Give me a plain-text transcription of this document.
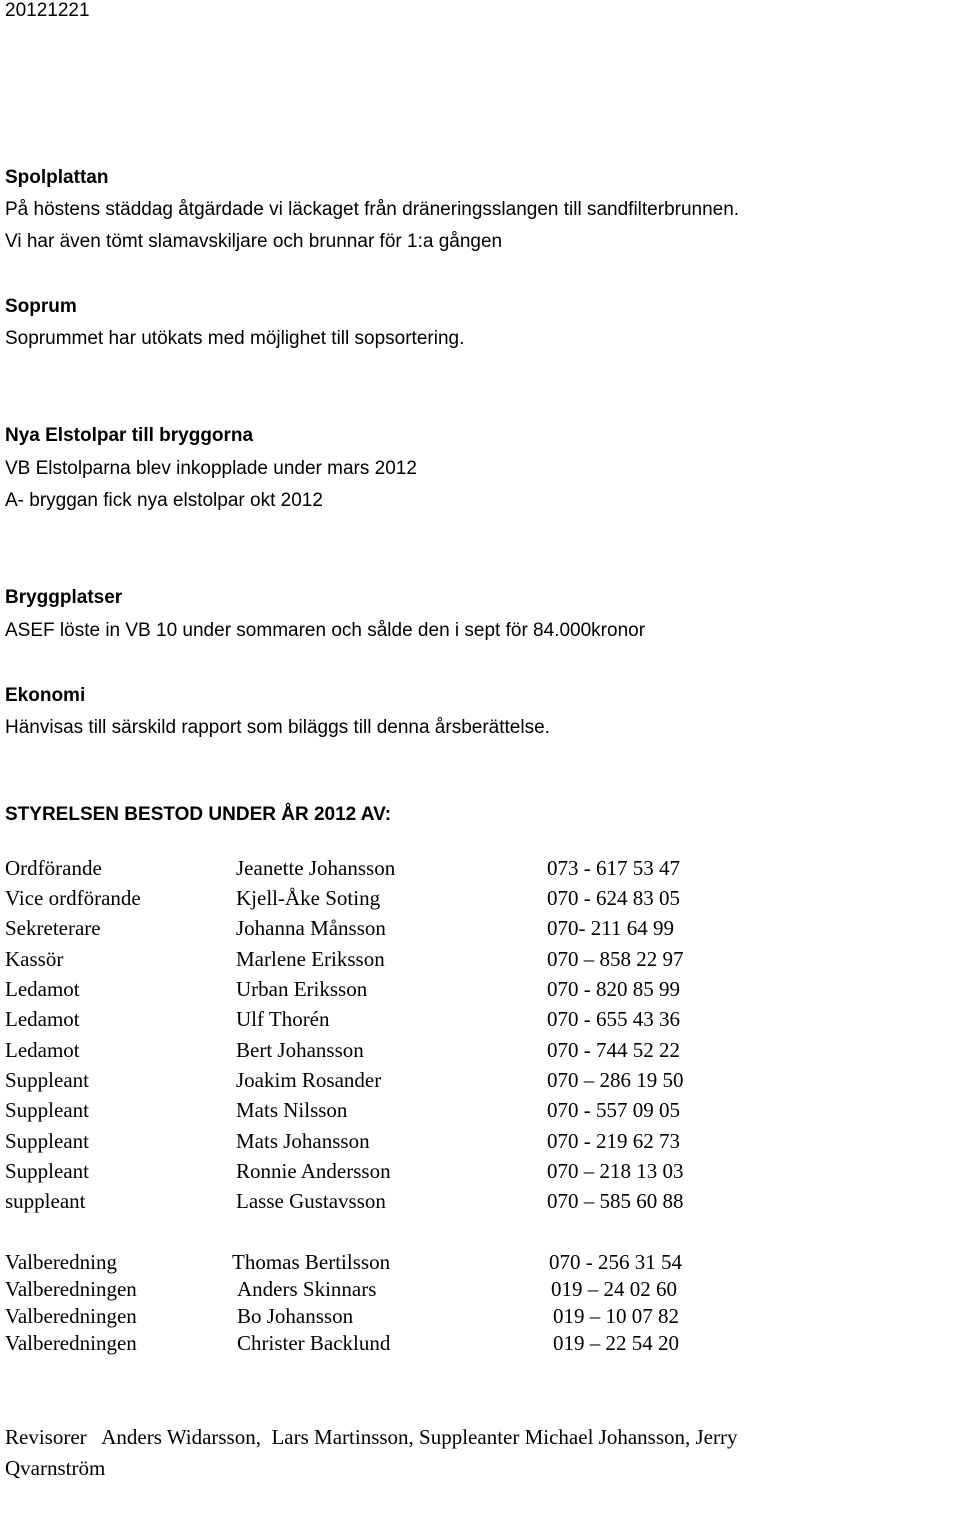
20121221
Spolplattan
På höstens städdag åtgärdade vi läckaget från dräneringsslangen till sandfilterbrunnen.
Vi har även tömt slamavskiljare och brunnar för 1:a gången
Soprum
Soprummet har utökats med möjlighet till sopsortering.
Nya Elstolpar till bryggorna
VB Elstolparna blev inkopplade under mars 2012
A- bryggan fick nya elstolpar okt 2012
Bryggplatser
ASEF löste in VB 10 under sommaren och sålde den i sept för 84.000kronor
Ekonomi
Hänvisas till särskild rapport som biläggs till denna årsberättelse.
STYRELSEN BESTOD UNDER ÅR 2012 AV:
Ordförande	Jeanette Johansson	073 - 617 53 47
Vice ordförande	Kjell-Åke Soting	070 - 624 83 05
Sekreterare	Johanna Månsson	070- 211 64 99
Kassör	Marlene Eriksson	070 – 858 22 97
Ledamot	Urban Eriksson	070 - 820 85 99
Ledamot	Ulf Thorén	070 - 655 43 36
Ledamot	Bert Johansson	070 - 744 52 22
Suppleant	Joakim Rosander	070 – 286 19 50
Suppleant	Mats Nilsson	070 - 557 09 05
Suppleant	Mats Johansson	070 - 219 62 73
Suppleant	Ronnie Andersson	070 – 218 13 03
suppleant	Lasse Gustavsson	070 – 585 60 88
Valberedning	Thomas Bertilsson	070 - 256 31 54
Valberedningen	Anders Skinnars	019 – 24 02 60
Valberedningen	Bo Johansson	019 – 10 07 82
Valberedningen	Christer Backlund	019 – 22 54 20
Revisorer   Anders Widarsson,  Lars Martinsson, Suppleanter Michael Johansson, Jerry
Qvarnström
